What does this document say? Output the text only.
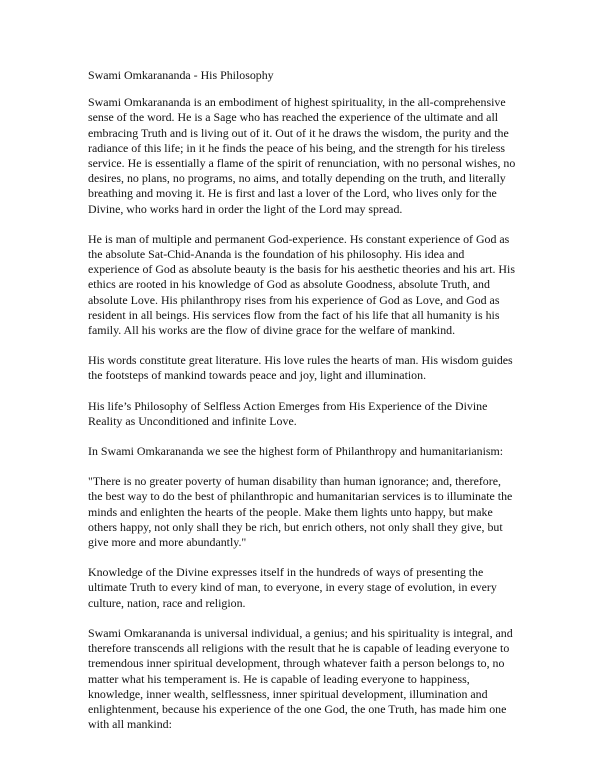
Swami Omkarananda - His Philosophy
Swami Omkarananda is an embodiment of highest spirituality, in the all-comprehensive
sense of the word. He is a Sage who has reached the experience of the ultimate and all
embracing Truth and is living out of it. Out of it he draws the wisdom, the purity and the
radiance of this life; in it he finds the peace of his being, and the strength for his tireless
service. He is essentially a flame of the spirit of renunciation, with no personal wishes, no
desires, no plans, no programs, no aims, and totally depending on the truth, and literally
breathing and moving it. He is first and last a lover of the Lord, who lives only for the
Divine, who works hard in order the light of the Lord may spread.
He is man of multiple and permanent God-experience. Hs constant experience of God as
the absolute Sat-Chid-Ananda is the foundation of his philosophy. His idea and
experience of God as absolute beauty is the basis for his aesthetic theories and his art. His
ethics are rooted in his knowledge of God as absolute Goodness, absolute Truth, and
absolute Love. His philanthropy rises from his experience of God as Love, and God as
resident in all beings. His services flow from the fact of his life that all humanity is his
family. All his works are the flow of divine grace for the welfare of mankind.
His words constitute great literature. His love rules the hearts of man. His wisdom guides
the footsteps of mankind towards peace and joy, light and illumination.
His life’s Philosophy of Selfless Action Emerges from His Experience of the Divine
Reality as Unconditioned and infinite Love.
In Swami Omkarananda we see the highest form of Philanthropy and humanitarianism:
"There is no greater poverty of human disability than human ignorance; and, therefore,
the best way to do the best of philanthropic and humanitarian services is to illuminate the
minds and enlighten the hearts of the people. Make them lights unto happy, but make
others happy, not only shall they be rich, but enrich others, not only shall they give, but
give more and more abundantly."
Knowledge of the Divine expresses itself in the hundreds of ways of presenting the
ultimate Truth to every kind of man, to everyone, in every stage of evolution, in every
culture, nation, race and religion.
Swami Omkarananda is universal individual, a genius; and his spirituality is integral, and
therefore transcends all religions with the result that he is capable of leading everyone to
tremendous inner spiritual development, through whatever faith a person belongs to, no
matter what his temperament is. He is capable of leading everyone to happiness,
knowledge, inner wealth, selflessness, inner spiritual development, illumination and
enlightenment, because his experience of the one God, the one Truth, has made him one
with all mankind:
